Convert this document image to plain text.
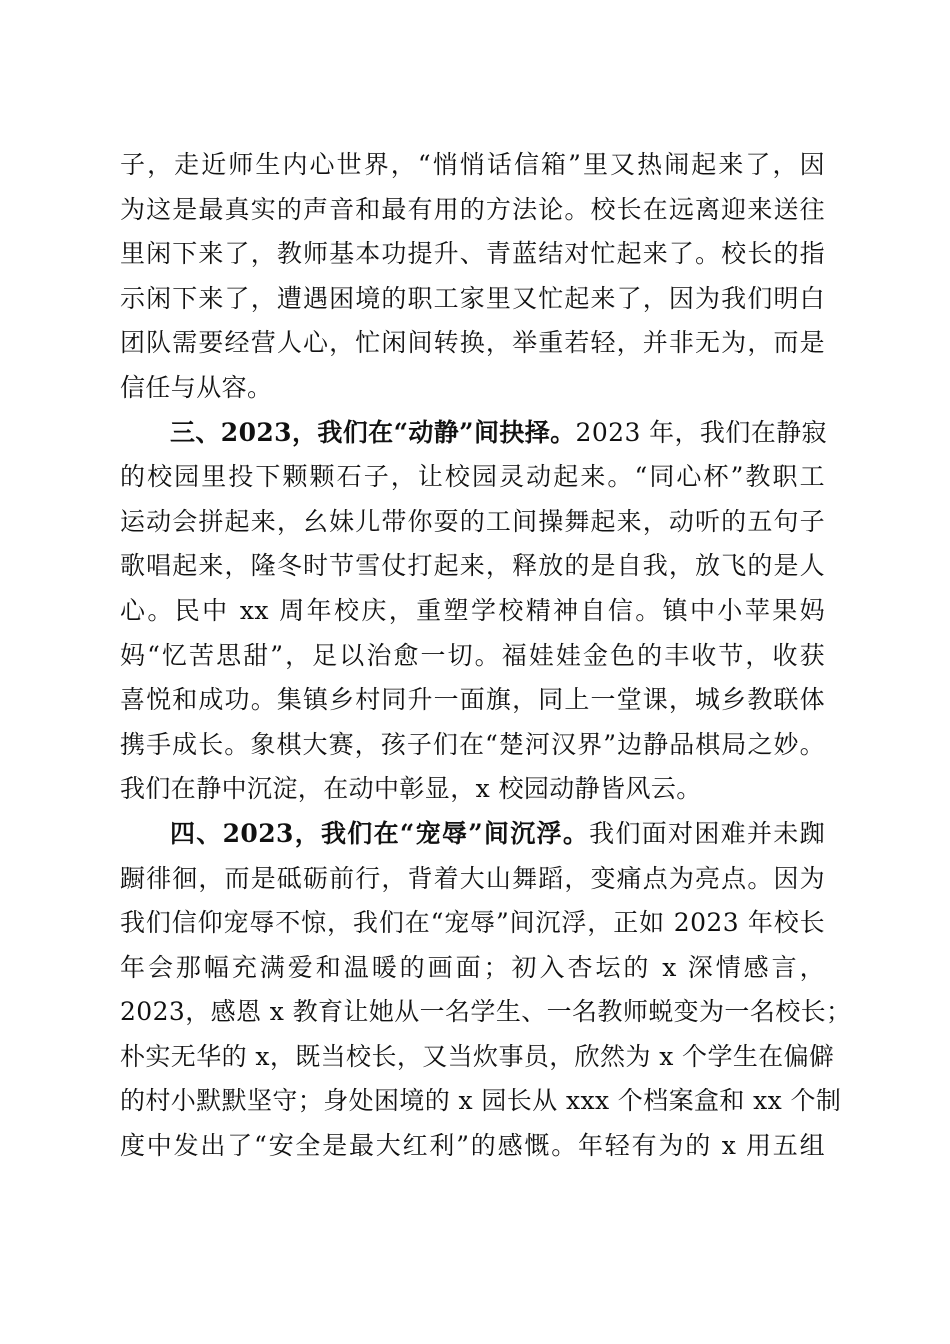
子，走近师生内心世界，“悄悄话信箱”里又热闹起来了，因
为这是最真实的声音和最有用的方法论。校长在远离迎来送往
里闲下来了，教师基本功提升、青蓝结对忙起来了。校长的指
示闲下来了，遭遇困境的职工家里又忙起来了，因为我们明白
团队需要经营人心，忙闲间转换，举重若轻，并非无为，而是
信任与从容。
三、2023，我们在“动静”间抉择。2023 年，我们在静寂
的校园里投下颗颗石子，让校园灵动起来。“同心杯”教职工
运动会拼起来，幺妹儿带你耍的工间操舞起来，动听的五句子
歌唱起来，隆冬时节雪仗打起来，释放的是自我，放飞的是人
心。民中 xx 周年校庆，重塑学校精神自信。镇中小苹果妈
妈“忆苦思甜”，足以治愈一切。福娃娃金色的丰收节，收获
喜悦和成功。集镇乡村同升一面旗，同上一堂课，城乡教联体
携手成长。象棋大赛，孩子们在“楚河汉界”边静品棋局之妙。
我们在静中沉淀，在动中彰显，x 校园动静皆风云。
四、2023，我们在“宠辱”间沉浮。我们面对困难并未踟
蹰徘徊，而是砥砺前行，背着大山舞蹈，变痛点为亮点。因为
我们信仰宠辱不惊，我们在“宠辱”间沉浮，正如 2023 年校长
年会那幅充满爱和温暖的画面；初入杏坛的 x 深情感言，
2023，感恩 x 教育让她从一名学生、一名教师蜕变为一名校长；
朴实无华的 x，既当校长，又当炊事员，欣然为 x 个学生在偏僻
的村小默默坚守；身处困境的 x 园长从 xxx 个档案盒和 xx 个制
度中发出了“安全是最大红利”的感慨。年轻有为的 x 用五组
